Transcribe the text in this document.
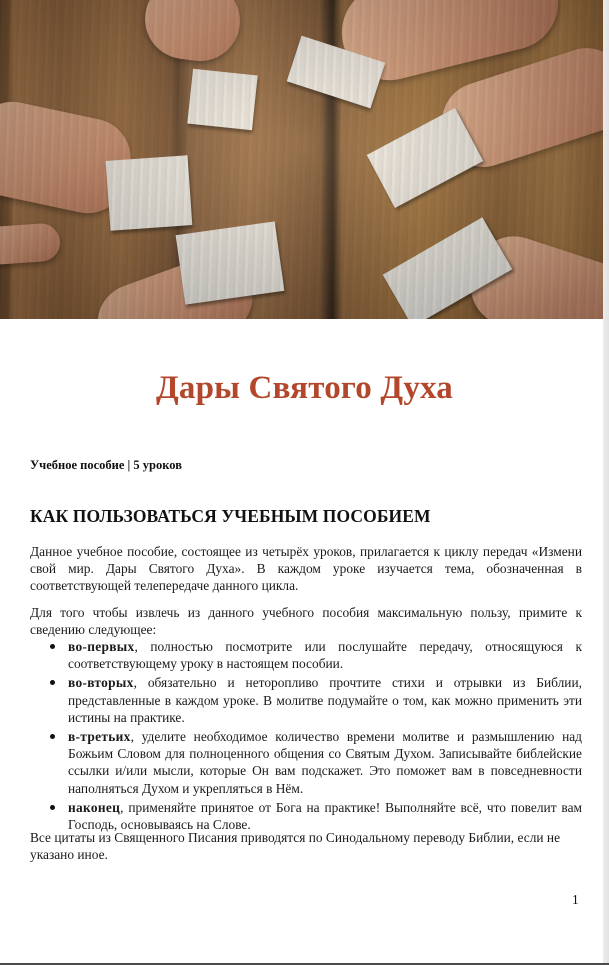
Дары Святого Духа
Учебное пособие | 5 уроков
КАК ПОЛЬЗОВАТЬСЯ УЧЕБНЫМ ПОСОБИЕМ
Данное учебное пособие, состоящее из четырёх уроков, прилагается к циклу передач «Измени свой мир. Дары Святого Духа». В каждом уроке изучается тема, обозначенная в соответствующей телепередаче данного цикла.
Для того чтобы извлечь из данного учебного пособия максимальную пользу, примите к сведению следующее:
во-первых, полностью посмотрите или послушайте передачу, относящуюся к соответствующему уроку в настоящем пособии.
во-вторых, обязательно и неторопливо прочтите стихи и отрывки из Библии, представленные в каждом уроке. В молитве подумайте о том, как можно применить эти истины на практике.
в-третьих, уделите необходимое количество времени молитве и размышлению над Божьим Словом для полноценного общения со Святым Духом. Записывайте библейские ссылки и/или мысли, которые Он вам подскажет. Это поможет вам в повседневности наполняться Духом и укрепляться в Нём.
наконец, применяйте принятое от Бога на практике! Выполняйте всё, что повелит вам Господь, основываясь на Слове.
Все цитаты из Священного Писания приводятся по Синодальному переводу Библии, если не указано иное.
1
